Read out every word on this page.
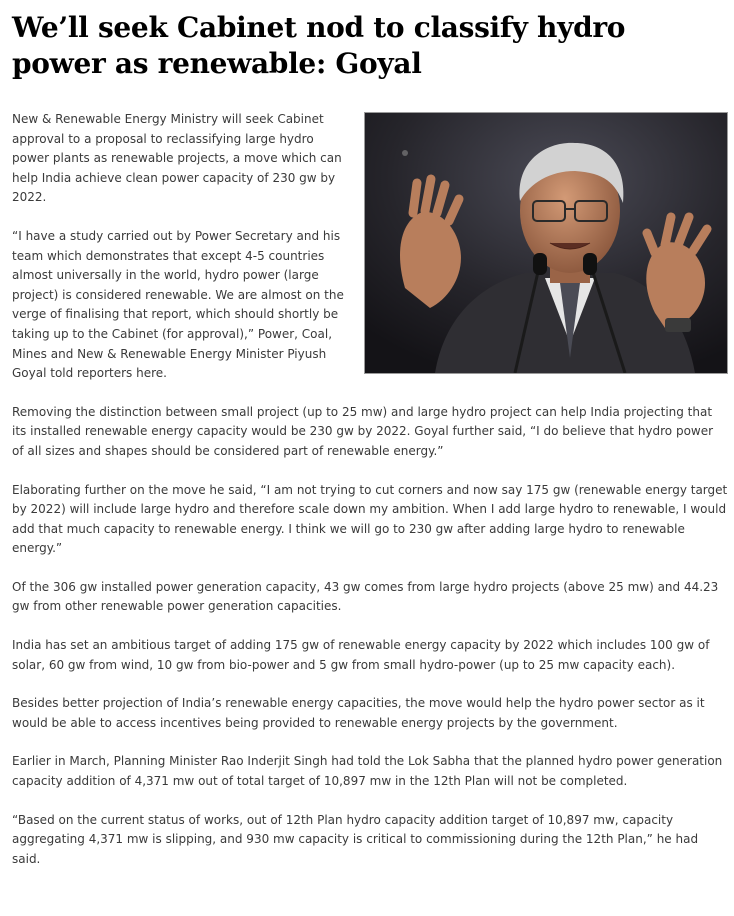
We’ll seek Cabinet nod to classify hydro power as renewable: Goyal

New & Renewable Energy Ministry will seek Cabinet approval to a proposal to reclassifying large hydro power plants as renewable projects, a move which can help India achieve clean power capacity of 230 gw by 2022.

“I have a study carried out by Power Secretary and his team which demonstrates that except 4-5 countries almost universally in the world, hydro power (large project) is considered renewable. We are almost on the verge of finalising that report, which should shortly be taking up to the Cabinet (for approval),” Power, Coal, Mines and New & Renewable Energy Minister Piyush Goyal told reporters here.

Removing the distinction between small project (up to 25 mw) and large hydro project can help India projecting that its installed renewable energy capacity would be 230 gw by 2022. Goyal further said, “I do believe that hydro power of all sizes and shapes should be considered part of renewable energy.”

Elaborating further on the move he said, “I am not trying to cut corners and now say 175 gw (renewable energy target by 2022) will include large hydro and therefore scale down my ambition. When I add large hydro to renewable, I would add that much capacity to renewable energy. I think we will go to 230 gw after adding large hydro to renewable energy.”

Of the 306 gw installed power generation capacity, 43 gw comes from large hydro projects (above 25 mw) and 44.23 gw from other renewable power generation capacities.

India has set an ambitious target of adding 175 gw of renewable energy capacity by 2022 which includes 100 gw of solar, 60 gw from wind, 10 gw from bio-power and 5 gw from small hydro-power (up to 25 mw capacity each).

Besides better projection of India’s renewable energy capacities, the move would help the hydro power sector as it would be able to access incentives being provided to renewable energy projects by the government.

Earlier in March, Planning Minister Rao Inderjit Singh had told the Lok Sabha that the planned hydro power generation capacity addition of 4,371 mw out of total target of 10,897 mw in the 12th Plan will not be completed.

“Based on the current status of works, out of 12th Plan hydro capacity addition target of 10,897 mw, capacity aggregating 4,371 mw is slipping, and 930 mw capacity is critical to commissioning during the 12th Plan,” he had said.
